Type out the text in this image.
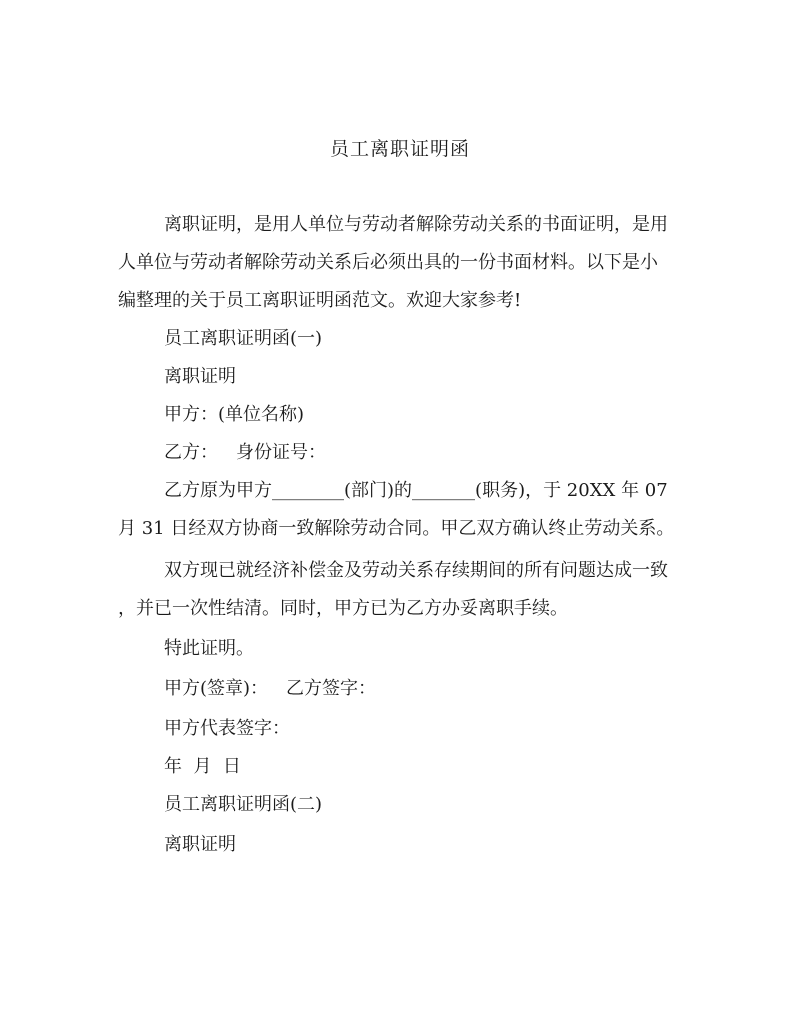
员工离职证明函
离职证明，是用人单位与劳动者解除劳动关系的书面证明，是用
人单位与劳动者解除劳动关系后必须出具的一份书面材料。以下是小
编整理的关于员工离职证明函范文。欢迎大家参考!
员工离职证明函(一)
离职证明
甲方：(单位名称)
乙方： 身份证号：
乙方原为甲方________(部门)的_______(职务)，于 20XX 年 07
月 31 日经双方协商一致解除劳动合同。甲乙双方确认终止劳动关系。
双方现已就经济补偿金及劳动关系存续期间的所有问题达成一致
，并已一次性结清。同时，甲方已为乙方办妥离职手续。
特此证明。
甲方(签章)： 乙方签字：
甲方代表签字：
年  月  日
员工离职证明函(二)
离职证明
